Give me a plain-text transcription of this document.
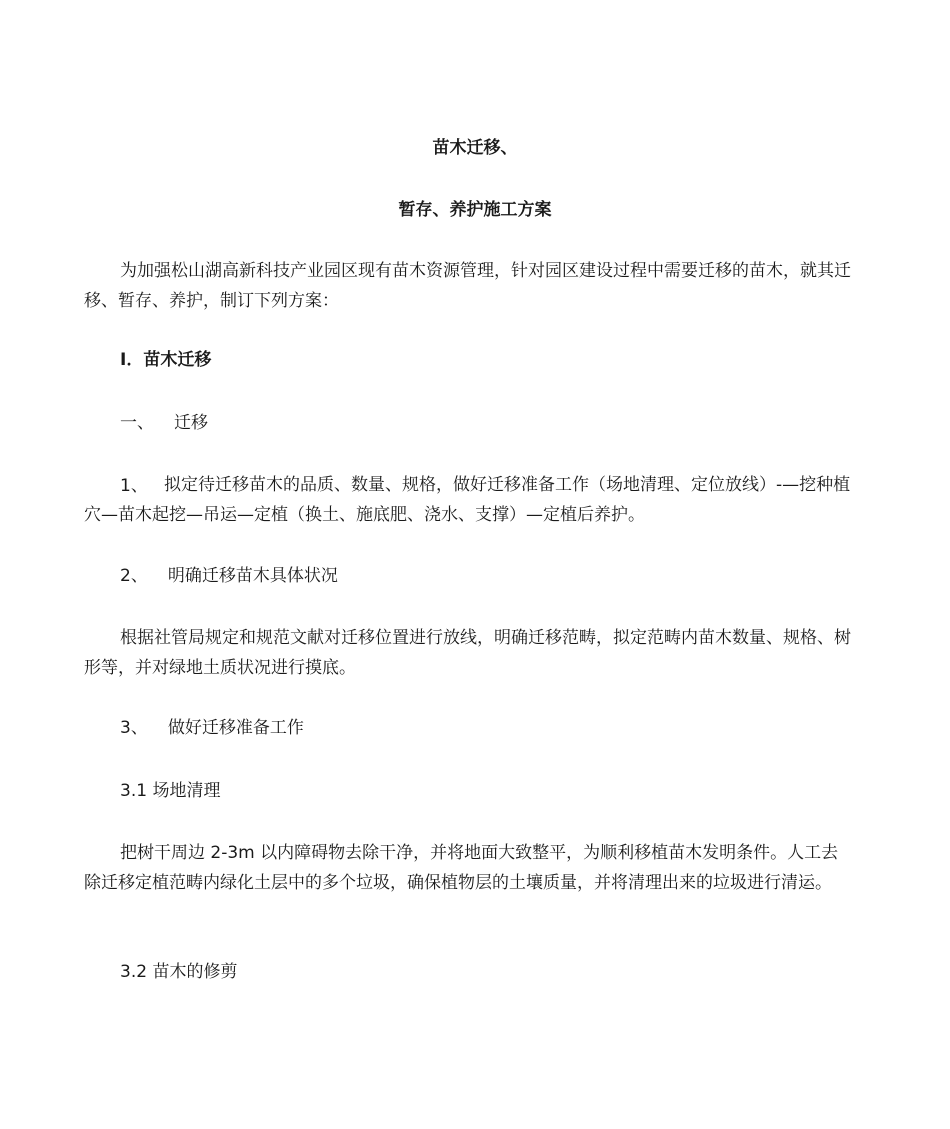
苗木迁移、
暂存、养护施工方案

为加强松山湖高新科技产业园区现有苗木资源管理，针对园区建设过程中需要迁移的苗木，就其迁移、暂存、养护，制订下列方案：

I．苗木迁移
一、 迁移
1、 拟定待迁移苗木的品质、数量、规格，做好迁移准备工作（场地清理、定位放线）-—挖种植穴—苗木起挖—吊运—定植（换土、施底肥、浇水、支撑）—定植后养护。

2、 明确迁移苗木具体状况

根据社管局规定和规范文献对迁移位置进行放线，明确迁移范畴，拟定范畴内苗木数量、规格、树形等，并对绿地土质状况进行摸底。

3、 做好迁移准备工作
3.1 场地清理

把树干周边 2-3m 以内障碍物去除干净，并将地面大致整平，为顺利移植苗木发明条件。人工去除迁移定植范畴内绿化土层中的多个垃圾，确保植物层的土壤质量，并将清理出来的垃圾进行清运。

3.2 苗木的修剪
